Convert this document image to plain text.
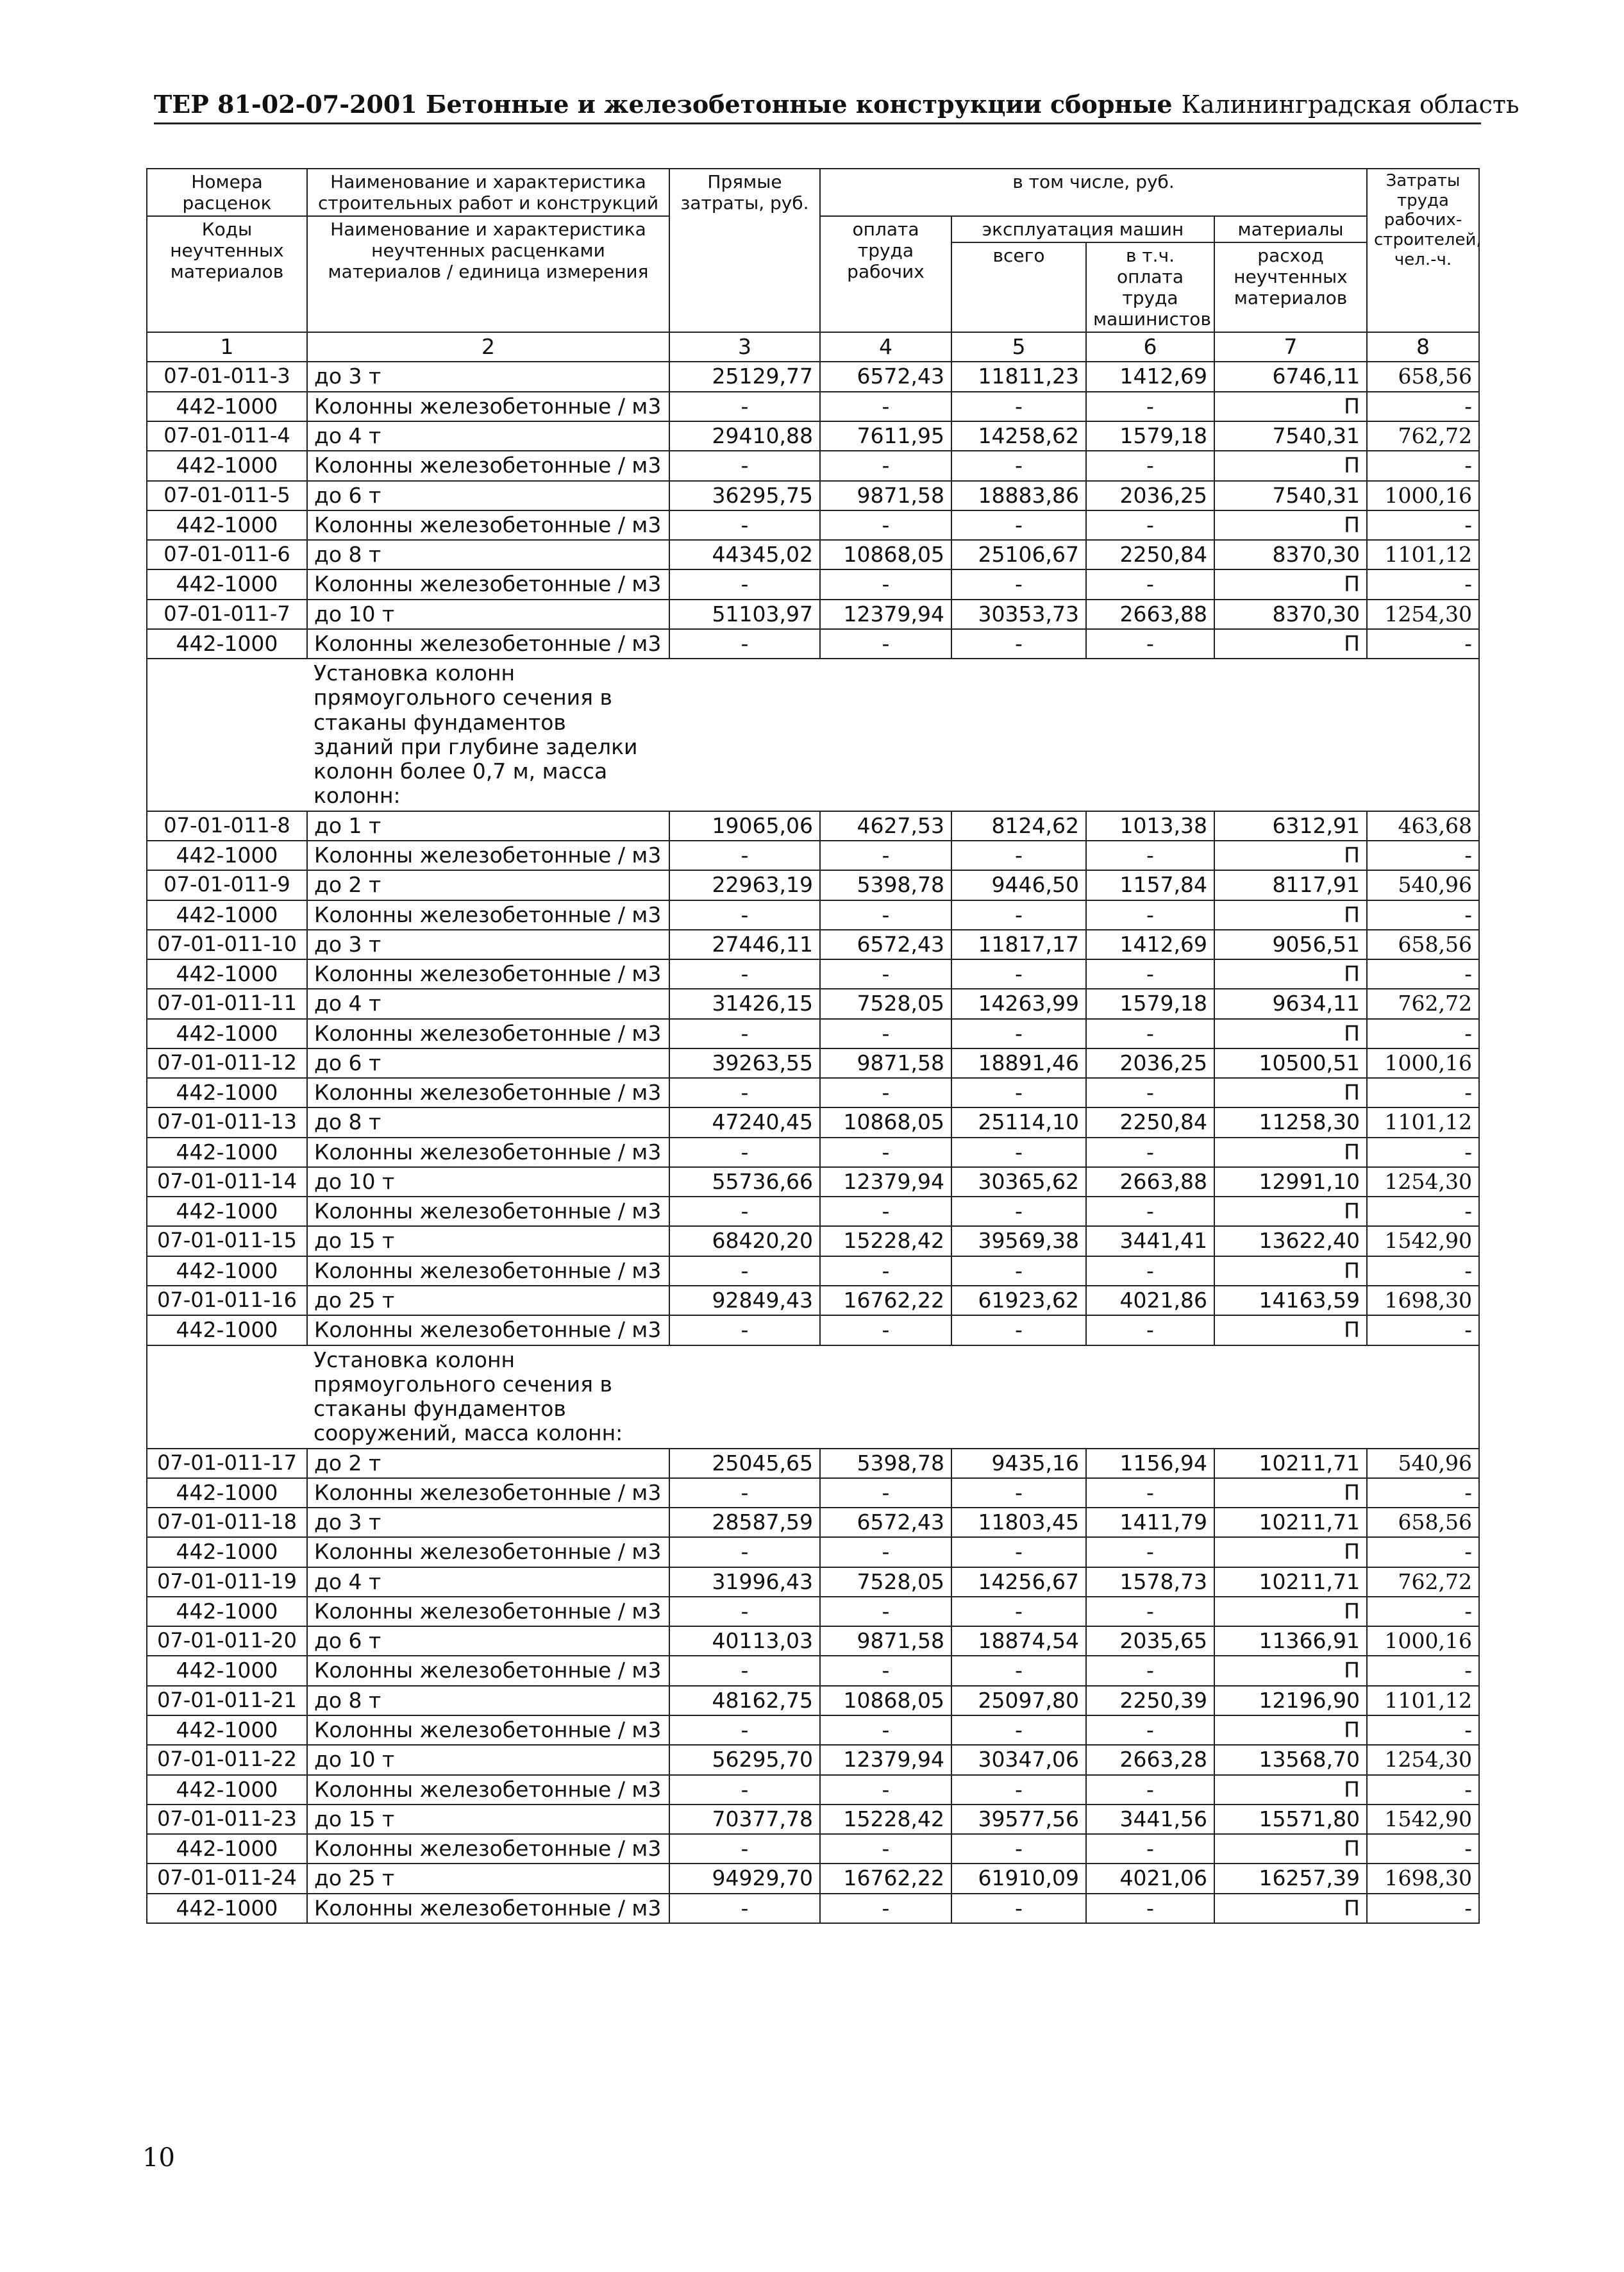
ТЕР 81-02-07-2001 Бетонные и железобетонные конструкции сборные Калининградская область
Номера расценок	Наименование и характеристика строительных работ и конструкций	Прямые затраты, руб.	в том числе, руб.				Затраты труда рабочих-строителей, чел.-ч.
Коды неучтенных материалов	Наименование и характеристика неучтенных расценками материалов / единица измерения		оплата труда рабочих	эксплуатация машин		материалы	
				всего	в т.ч. оплата труда машинистов	расход неучтенных материалов	
1	2	3	4	5	6	7	8
07-01-011-3	до 3 т	25129,77	6572,43	11811,23	1412,69	6746,11	658,56
442-1000	Колонны железобетонные / м3	-	-	-	-	П	-
07-01-011-4	до 4 т	29410,88	7611,95	14258,62	1579,18	7540,31	762,72
442-1000	Колонны железобетонные / м3	-	-	-	-	П	-
07-01-011-5	до 6 т	36295,75	9871,58	18883,86	2036,25	7540,31	1000,16
442-1000	Колонны железобетонные / м3	-	-	-	-	П	-
07-01-011-6	до 8 т	44345,02	10868,05	25106,67	2250,84	8370,30	1101,12
442-1000	Колонны железобетонные / м3	-	-	-	-	П	-
07-01-011-7	до 10 т	51103,97	12379,94	30353,73	2663,88	8370,30	1254,30
442-1000	Колонны железобетонные / м3	-	-	-	-	П	-

	Установка колонн прямоугольного сечения в стаканы фундаментов зданий при глубине заделки колонн более 0,7 м, масса колонн:						

07-01-011-8	до 1 т	19065,06	4627,53	8124,62	1013,38	6312,91	463,68
442-1000	Колонны железобетонные / м3	-	-	-	-	П	-
07-01-011-9	до 2 т	22963,19	5398,78	9446,50	1157,84	8117,91	540,96
442-1000	Колонны железобетонные / м3	-	-	-	-	П	-
07-01-011-10	до 3 т	27446,11	6572,43	11817,17	1412,69	9056,51	658,56
442-1000	Колонны железобетонные / м3	-	-	-	-	П	-
07-01-011-11	до 4 т	31426,15	7528,05	14263,99	1579,18	9634,11	762,72
442-1000	Колонны железобетонные / м3	-	-	-	-	П	-
07-01-011-12	до 6 т	39263,55	9871,58	18891,46	2036,25	10500,51	1000,16
442-1000	Колонны железобетонные / м3	-	-	-	-	П	-
07-01-011-13	до 8 т	47240,45	10868,05	25114,10	2250,84	11258,30	1101,12
442-1000	Колонны железобетонные / м3	-	-	-	-	П	-
07-01-011-14	до 10 т	55736,66	12379,94	30365,62	2663,88	12991,10	1254,30
442-1000	Колонны железобетонные / м3	-	-	-	-	П	-
07-01-011-15	до 15 т	68420,20	15228,42	39569,38	3441,41	13622,40	1542,90
442-1000	Колонны железобетонные / м3	-	-	-	-	П	-
07-01-011-16	до 25 т	92849,43	16762,22	61923,62	4021,86	14163,59	1698,30
442-1000	Колонны железобетонные / м3	-	-	-	-	П	-

	Установка колонн прямоугольного сечения в стаканы фундаментов сооружений, масса колонн:						

07-01-011-17	до 2 т	25045,65	5398,78	9435,16	1156,94	10211,71	540,96
442-1000	Колонны железобетонные / м3	-	-	-	-	П	-
07-01-011-18	до 3 т	28587,59	6572,43	11803,45	1411,79	10211,71	658,56
442-1000	Колонны железобетонные / м3	-	-	-	-	П	-
07-01-011-19	до 4 т	31996,43	7528,05	14256,67	1578,73	10211,71	762,72
442-1000	Колонны железобетонные / м3	-	-	-	-	П	-
07-01-011-20	до 6 т	40113,03	9871,58	18874,54	2035,65	11366,91	1000,16
442-1000	Колонны железобетонные / м3	-	-	-	-	П	-
07-01-011-21	до 8 т	48162,75	10868,05	25097,80	2250,39	12196,90	1101,12
442-1000	Колонны железобетонные / м3	-	-	-	-	П	-
07-01-011-22	до 10 т	56295,70	12379,94	30347,06	2663,28	13568,70	1254,30
442-1000	Колонны железобетонные / м3	-	-	-	-	П	-
07-01-011-23	до 15 т	70377,78	15228,42	39577,56	3441,56	15571,80	1542,90
442-1000	Колонны железобетонные / м3	-	-	-	-	П	-
07-01-011-24	до 25 т	94929,70	16762,22	61910,09	4021,06	16257,39	1698,30
442-1000	Колонны железобетонные / м3	-	-	-	-	П	-
10
